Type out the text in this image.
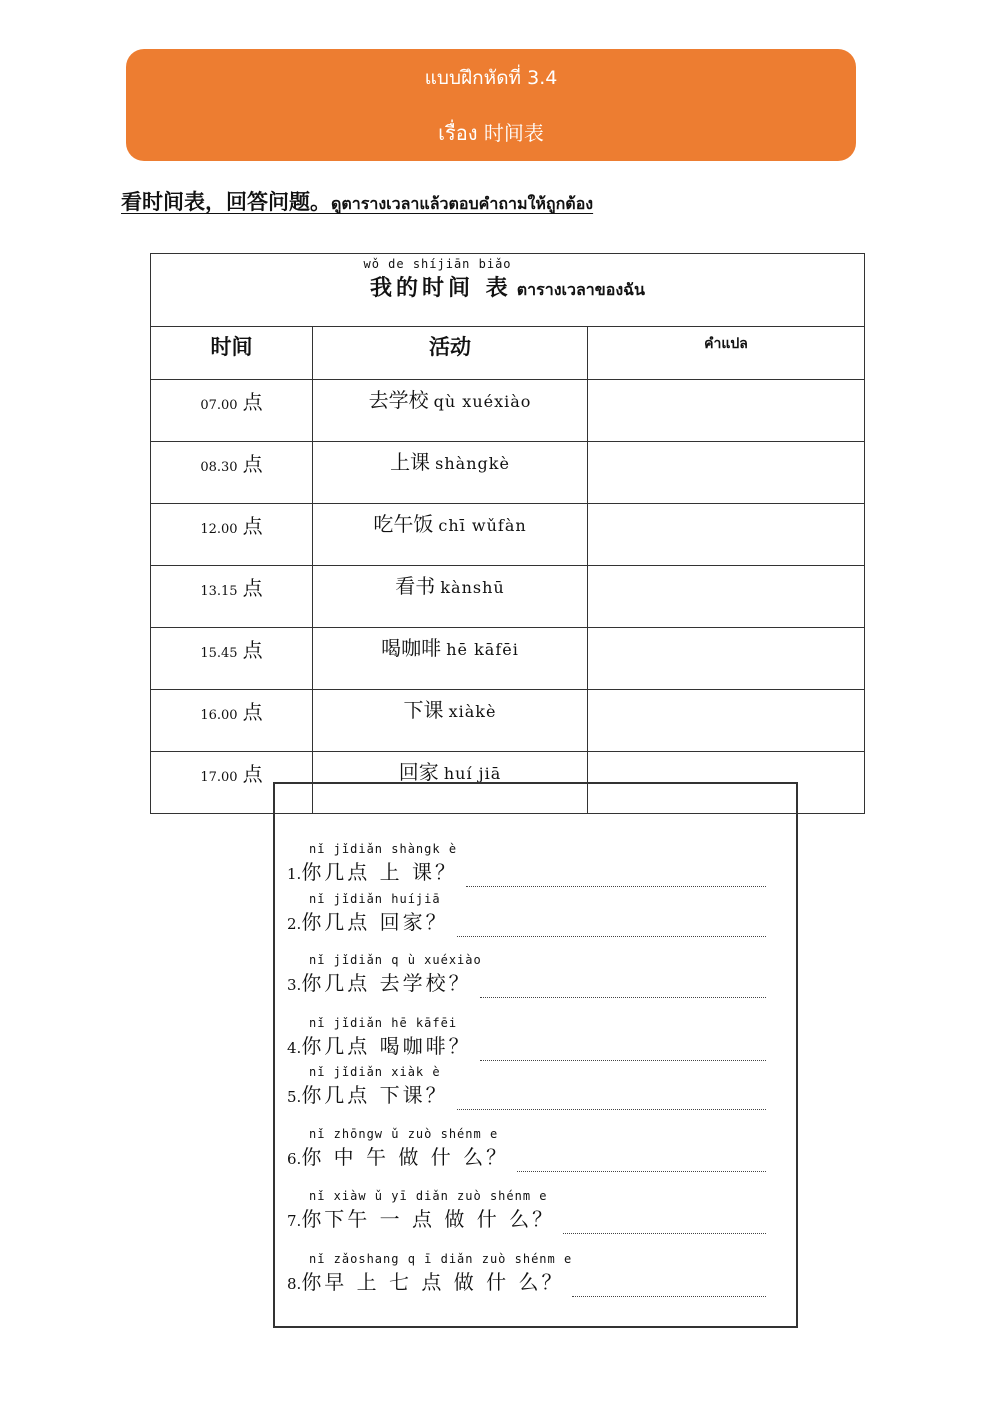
แบบฝึกหัดที่ 3.4
เรื่อง 时间表
看时间表，回答问题。ดูตารางเวลาแล้วตอบคำถามให้ถูกต้อง
wǒ de shíjiān biǎo
我的时间 表 ตารางเวลาของฉัน		

时间	活动	คำแปล

07.00 点	去学校 qù xuéxiào	
08.30 点	上课 shàngkè	
12.00 点	吃午饭 chī wǔfàn	
13.15 点	看书 kànshū	
15.45 点	喝咖啡 hē kāfēi	
16.00 点	下课 xiàkè	
17.00 点	回家 huí jiā	
nǐ jǐdiǎn shàngk è
1. 你几点 上 课？
nǐ jǐdiǎn huíjiā
2. 你几点 回家？
nǐ jǐdiǎn q ù xuéxiào
3. 你几点 去学校？
nǐ jǐdiǎn hē kāfēi
4. 你几点 喝咖啡？
nǐ jǐdiǎn xiàk è
5. 你几点 下课？
nǐ zhōngw ǔ zuò shénm e
6. 你 中 午 做 什 么？
nǐ xiàw ǔ yī diǎn zuò shénm e
7. 你下午 一 点 做 什 么？
nǐ zǎoshang q ī diǎn zuò shénm e
8. 你早 上 七 点 做 什 么？
